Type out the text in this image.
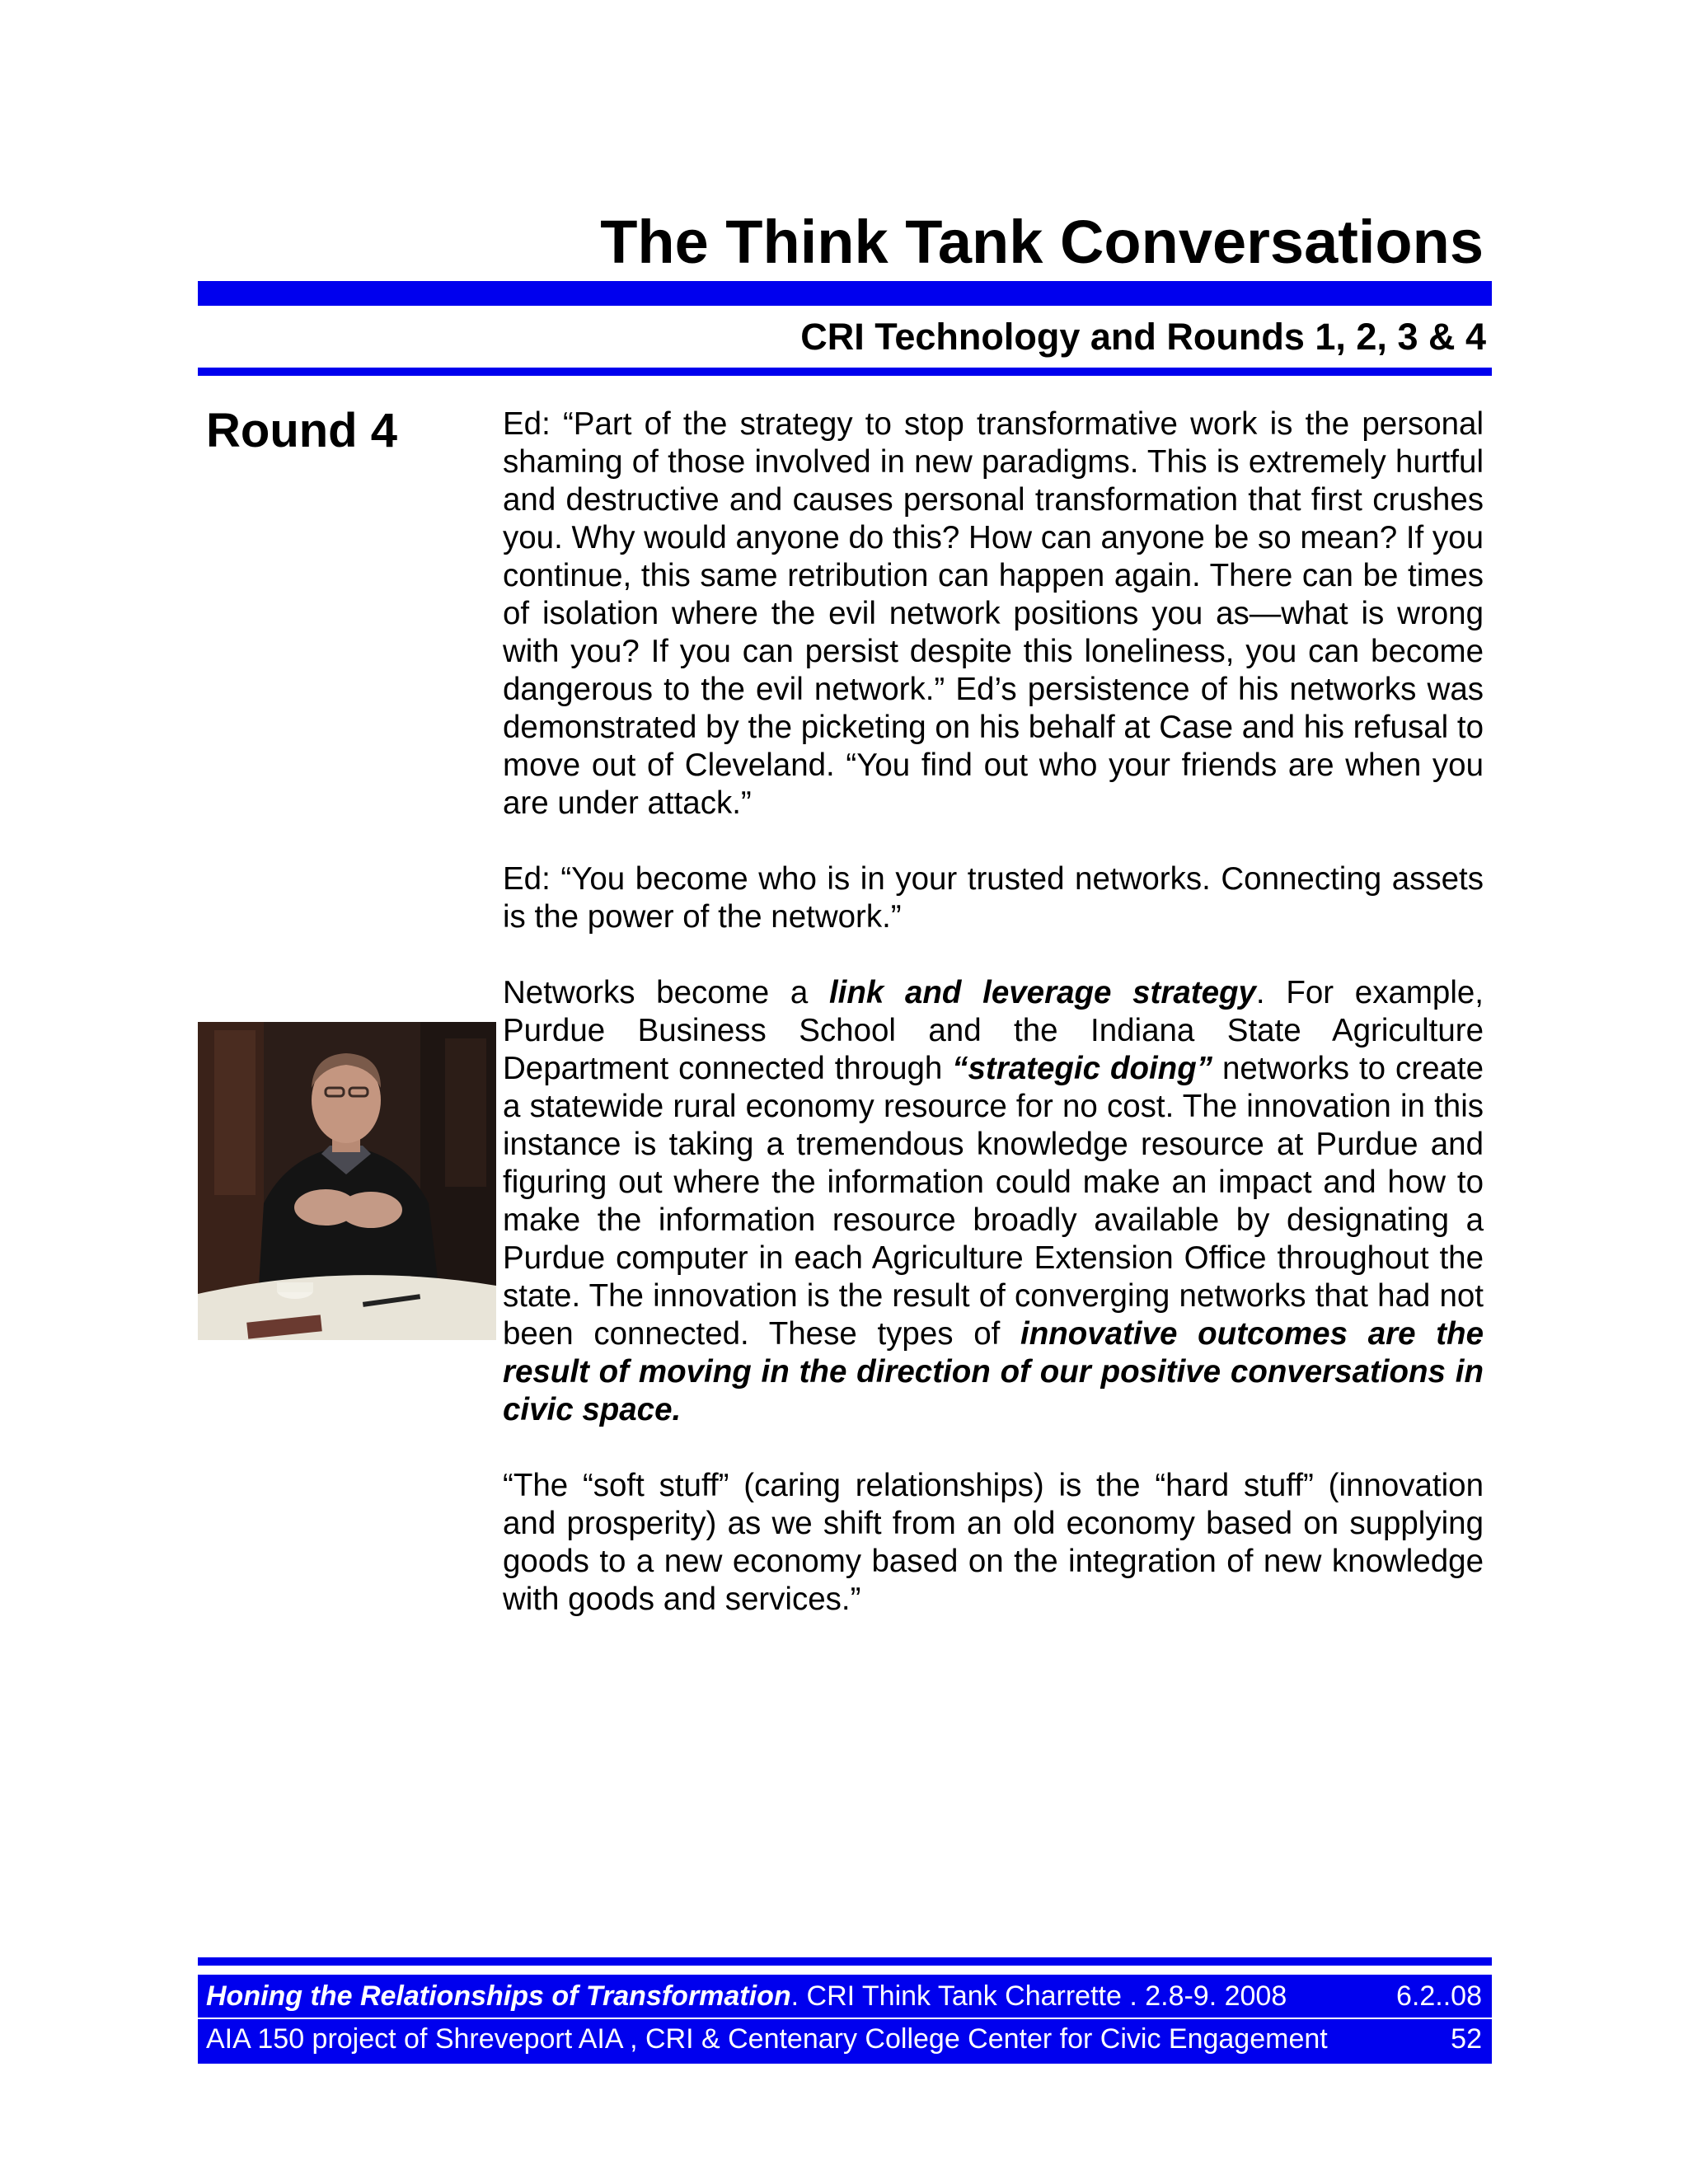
The Think Tank Conversations
CRI Technology and Rounds 1, 2, 3 & 4
Round 4	Ed: “Part of the strategy to stop transformative work is the personal shaming of those involved in new paradigms. This is extremely hurtful and destructive and causes personal transformation that first crushes you. Why would anyone do this? How can anyone be so mean? If you continue, this same retribution can happen again. There can be times of isolation where the evil network positions you as—what is wrong with you? If you can persist despite this loneliness, you can become dangerous to the evil network.” Ed’s persistence of his networks was demonstrated by the picketing on his behalf at Case and his refusal to move out of Cleveland. “You find out who your friends are when you are under attack.”

Ed: “You become who is in your trusted networks. Connecting assets is the power of the network.”

Networks become a link and leverage strategy. For example, Purdue Business School and the Indiana State Agriculture Department connected through “strategic doing” networks to create a statewide rural economy resource for no cost. The innovation in this instance is taking a tremendous knowledge resource at Purdue and figuring out where the information could make an impact and how to make the information resource broadly available by designating a Purdue computer in each Agriculture Extension Office throughout the state. The innovation is the result of converging networks that had not been connected. These types of innovative outcomes are the result of moving in the direction of our positive conversations in civic space.

“The “soft stuff” (caring relationships) is the “hard stuff” (innovation and prosperity) as we shift from an old economy based on supplying goods to a new economy based on the integration of new knowledge with goods and services.”

Honing the Relationships of Transformation. CRI Think Tank Charrette . 2.8-9. 2008	6.2..08
AIA 150 project of Shreveport AIA , CRI & Centenary College Center for Civic Engagement	52
